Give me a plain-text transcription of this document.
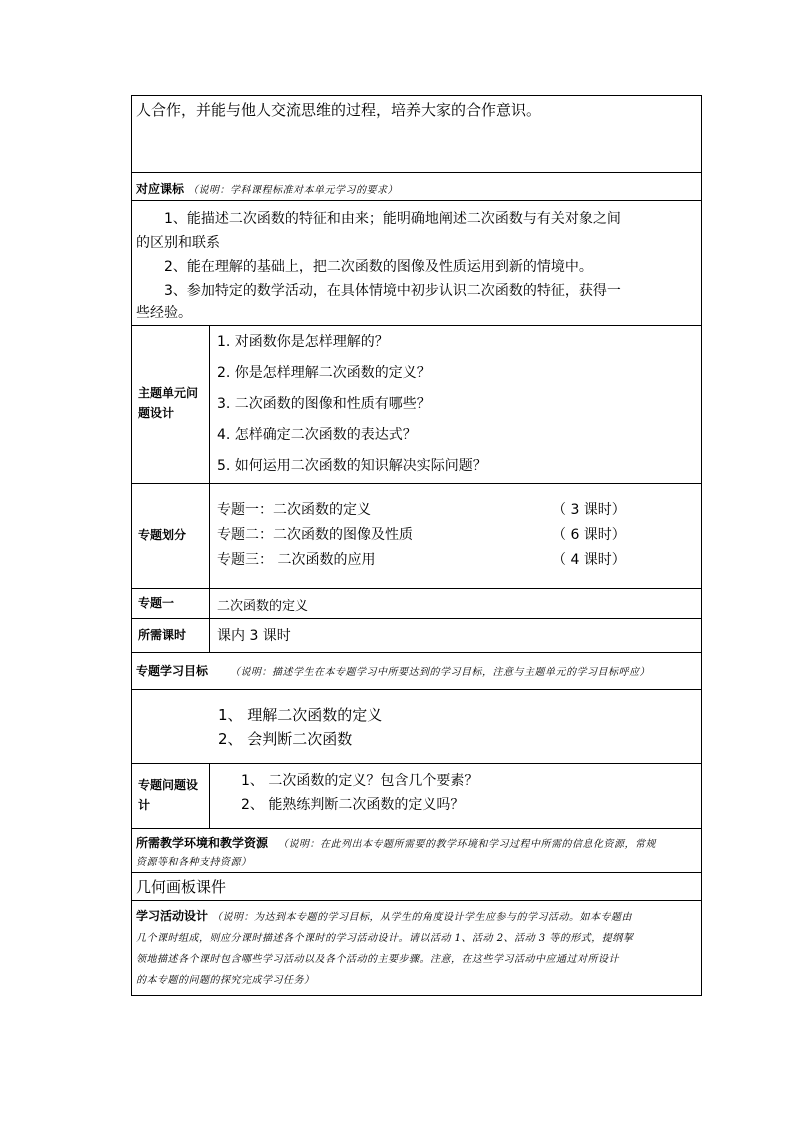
人合作，并能与他人交流思维的过程，培养大家的合作意识。

对应课标 （说明：学科课程标准对本单元学习的要求）

1、能描述二次函数的特征和由来；能明确地阐述二次函数与有关对象之间

的区别和联系

2、能在理解的基础上，把二次函数的图像及性质运用到新的情境中。

3、参加特定的数学活动，在具体情境中初步认识二次函数的特征，获得一

些经验。

主题单元问
题设计

1. 对函数你是怎样理解的？

2. 你是怎样理解二次函数的定义？

3. 二次函数的图像和性质有哪些？

4. 怎样确定二次函数的表达式？

5. 如何运用二次函数的知识解决实际问题？

专题划分

专题一：二次函数的定义	（ 3 课时）

专题二：二次函数的图像及性质	（ 6 课时）

专题三： 二次函数的应用	（ 4 课时）

专题一	二次函数的定义

所需课时 课内 3 课时

专题学习目标 （说明：描述学生在本专题学习中所要达到的学习目标，注意与主题单元的学习目标呼应）

1、 理解二次函数的定义

2、 会判断二次函数

专题问题设
计

1、 二次函数的定义？包含几个要素？

2、 能熟练判断二次函数的定义吗？

所需教学环境和教学资源 （说明：在此列出本专题所需要的教学环境和学习过程中所需的信息化资源，常规
资源等和各种支持资源）

几何画板课件

学习活动设计 （说明：为达到本专题的学习目标，从学生的角度设计学生应参与的学习活动。如本专题由
几个课时组成，则应分课时描述各个课时的学习活动设计。请以活动 1、活动 2、活动 3 等的形式，提纲挈
领地描述各个课时包含哪些学习活动以及各个活动的主要步骤。注意，在这些学习活动中应通过对所设计
的本专题的问题的探究完成学习任务）
